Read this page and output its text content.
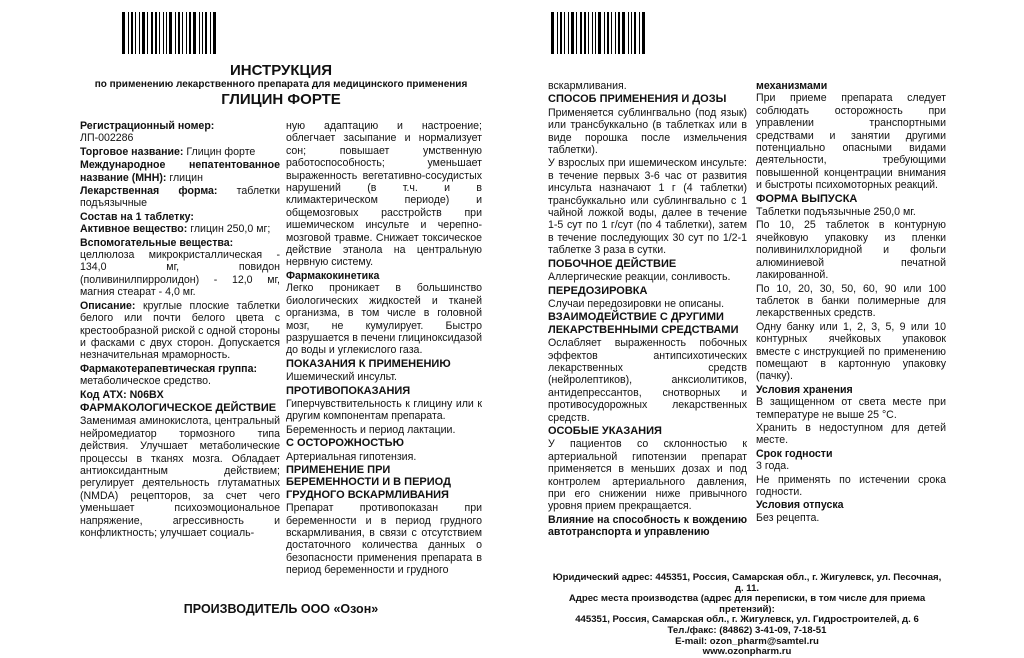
ИНСТРУКЦИЯ
по применению лекарственного препарата для медицинского применения
ГЛИЦИН ФОРТЕ
Регистрационный номер:

ЛП-002286

Торговое название: Глицин форте

Международное непатентованное название (МНН): глицин

Лекарственная форма: таблетки подъязычные

Состав на 1 таблетку:

Активное вещество: глицин 250,0 мг;

Вспомогательные вещества:

целлюлоза микрокристаллическая - 134,0 мг, повидон (поливинилпирролидон) - 12,0 мг, магния стеарат - 4,0 мг.

Описание: круглые плоские таблетки белого или почти белого цвета с крестообразной риской с одной стороны и фасками с двух сторон. Допускается незначительная мраморность.

Фармакотерапевтическая группа:

метаболическое средство.

Код АТХ: N06BX
ФАРМАКОЛОГИЧЕСКОЕ ДЕЙСТВИЕ

Заменимая аминокислота, центральный нейромедиатор тормозного типа действия. Улучшает метаболические процессы в тканях мозга. Обладает антиоксидантным действием; регулирует деятельность глутаматных (NMDA) рецепторов, за счет чего уменьшает психоэмоциональное напряжение, агрессивность и конфликтность; улучшает социаль-

ную адаптацию и настроение; облегчает засыпание и нормализует сон; повышает умственную работоспособность; уменьшает выраженность вегетативно-сосудистых нарушений (в т.ч. и в климактерическом периоде) и общемозговых расстройств при ишемическом инсульте и черепно-мозговой травме. Снижает токсическое действие этанола на центральную нервную систему.

Фармакокинетика

Легко проникает в большинство биологических жидкостей и тканей организма, в том числе в головной мозг, не кумулирует. Быстро разрушается в печени глицинокcидазой до воды и углекислого газа.

ПОКАЗАНИЯ К ПРИМЕНЕНИЮ

Ишемический инсульт.

ПРОТИВОПОКАЗАНИЯ

Гиперчувствительность к глицину или к другим компонентам препарата.

Беременность и период лактации.

С ОСТОРОЖНОСТЬЮ

Артериальная гипотензия.

ПРИМЕНЕНИЕ ПРИ БЕРЕМЕННОСТИ И В ПЕРИОД ГРУДНОГО ВСКАРМЛИВАНИЯ

Препарат противопоказан при беременности и в период грудного вскармливания, в связи с отсутствием достаточного количества данных о безопасности применения препарата в период беременности и грудного

вскармливания.

СПОСОБ ПРИМЕНЕНИЯ И ДОЗЫ

Применяется сублингвально (под язык) или трансбуккально (в таблетках или в виде порошка после измельчения таблетки).

У взрослых при ишемическом инсульте: в течение первых 3-6 час от развития инсульта назначают 1 г (4 таблетки) трансбуккально или сублингвально с 1 чайной ложкой воды, далее в течение 1-5 сут по 1 г/сут (по 4 таблетки), затем в течение последующих 30 сут по 1/2-1 таблетке 3 раза в сутки.

ПОБОЧНОЕ ДЕЙСТВИЕ

Аллергические реакции, сонливость.

ПЕРЕДОЗИРОВКА

Случаи передозировки не описаны.

ВЗАИМОДЕЙСТВИЕ С ДРУГИМИ ЛЕКАРСТВЕННЫМИ СРЕДСТВАМИ

Ослабляет выраженность побочных эффектов антипсихотических лекарственных средств (нейролептиков), анксиолитиков, антидепрессантов, снотворных и противосудорожных лекарственных средств.

ОСОБЫЕ УКАЗАНИЯ

У пациентов со склонностью к артериальной гипотензии препарат применяется в меньших дозах и под контролем артериального давления, при его снижении ниже привычного уровня прием прекращается.

Влияние на способность к вождению автотранспорта и управлению
механизмами

При приеме препарата следует соблюдать осторожность при управлении транспортными средствами и занятии другими потенциально опасными видами деятельности, требующими повышенной концентрации внимания и быстроты психомоторных реакций.

ФОРМА ВЫПУСКА

Таблетки подъязычные 250,0 мг.

По 10, 25 таблеток в контурную ячейковую упаковку из пленки поливинилхлоридной и фольги алюминиевой печатной лакированной.

По 10, 20, 30, 50, 60, 90 или 100 таблеток в банки полимерные для лекарственных средств.

Одну банку или 1, 2, 3, 5, 9 или 10 контурных ячейковых упаковок вместе с инструкцией по применению помещают в картонную упаковку (пачку).

Условия хранения

В защищенном от света месте при температуре не выше 25 °С.

Хранить в недоступном для детей месте.

Срок годности

3 года.

Не применять по истечении срока годности.

Условия отпуска

Без рецепта.

ПРОИЗВОДИТЕЛЬ ООО «Озон»
Юридический адрес: 445351, Россия, Самарская обл., г. Жигулевск, ул. Песочная, д. 11.
Адрес места производства (адрес для переписки, в том числе для приема претензий):
445351, Россия, Самарская обл., г. Жигулевск, ул. Гидростроителей, д. 6
Тел./факс: (84862) 3-41-09, 7-18-51
E-mail: ozon_pharm@samtel.ru
www.ozonpharm.ru
